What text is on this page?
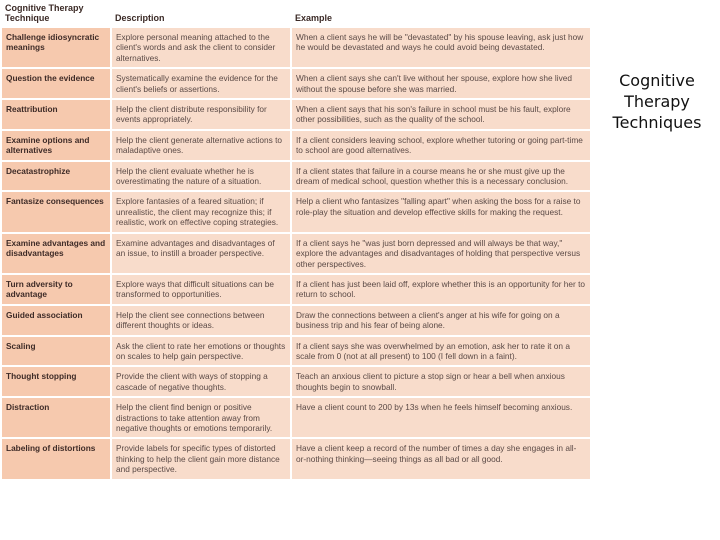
Cognitive Therapy Technique	Description	Example
Challenge idiosyncratic meanings	Explore personal meaning attached to the client's words and ask the client to consider alternatives.	When a client says he will be "devastated" by his spouse leaving, ask just how he would be devastated and ways he could avoid being devastated.
Question the evidence	Systematically examine the evidence for the client's beliefs or assertions.	When a client says she can't live without her spouse, explore how she lived without the spouse before she was married.
Reattribution	Help the client distribute responsibility for events appropriately.	When a client says that his son's failure in school must be his fault, explore other possibilities, such as the quality of the school.
Examine options and alternatives	Help the client generate alternative actions to maladaptive ones.	If a client considers leaving school, explore whether tutoring or going part-time to school are good alternatives.
Decatastrophize	Help the client evaluate whether he is overestimating the nature of a situation.	If a client states that failure in a course means he or she must give up the dream of medical school, question whether this is a necessary conclusion.
Fantasize consequences	Explore fantasies of a feared situation; if unrealistic, the client may recognize this; if realistic, work on effective coping strategies.	Help a client who fantasizes "falling apart" when asking the boss for a raise to role-play the situation and develop effective skills for making the request.
Examine advantages and disadvantages	Examine advantages and disadvantages of an issue, to instill a broader perspective.	If a client says he "was just born depressed and will always be that way," explore the advantages and disadvantages of holding that perspective versus other perspectives.
Turn adversity to advantage	Explore ways that difficult situations can be transformed to opportunities.	If a client has just been laid off, explore whether this is an opportunity for her to return to school.
Guided association	Help the client see connections between different thoughts or ideas.	Draw the connections between a client's anger at his wife for going on a business trip and his fear of being alone.
Scaling	Ask the client to rate her emotions or thoughts on scales to help gain perspective.	If a client says she was overwhelmed by an emotion, ask her to rate it on a scale from 0 (not at all present) to 100 (I fell down in a faint).
Thought stopping	Provide the client with ways of stopping a cascade of negative thoughts.	Teach an anxious client to picture a stop sign or hear a bell when anxious thoughts begin to snowball.
Distraction	Help the client find benign or positive distractions to take attention away from negative thoughts or emotions temporarily.	Have a client count to 200 by 13s when he feels himself becoming anxious.
Labeling of distortions	Provide labels for specific types of distorted thinking to help the client gain more distance and perspective.	Have a client keep a record of the number of times a day she engages in all-or-nothing thinking—seeing things as all bad or all good.
Cognitive
Therapy
Techniques
